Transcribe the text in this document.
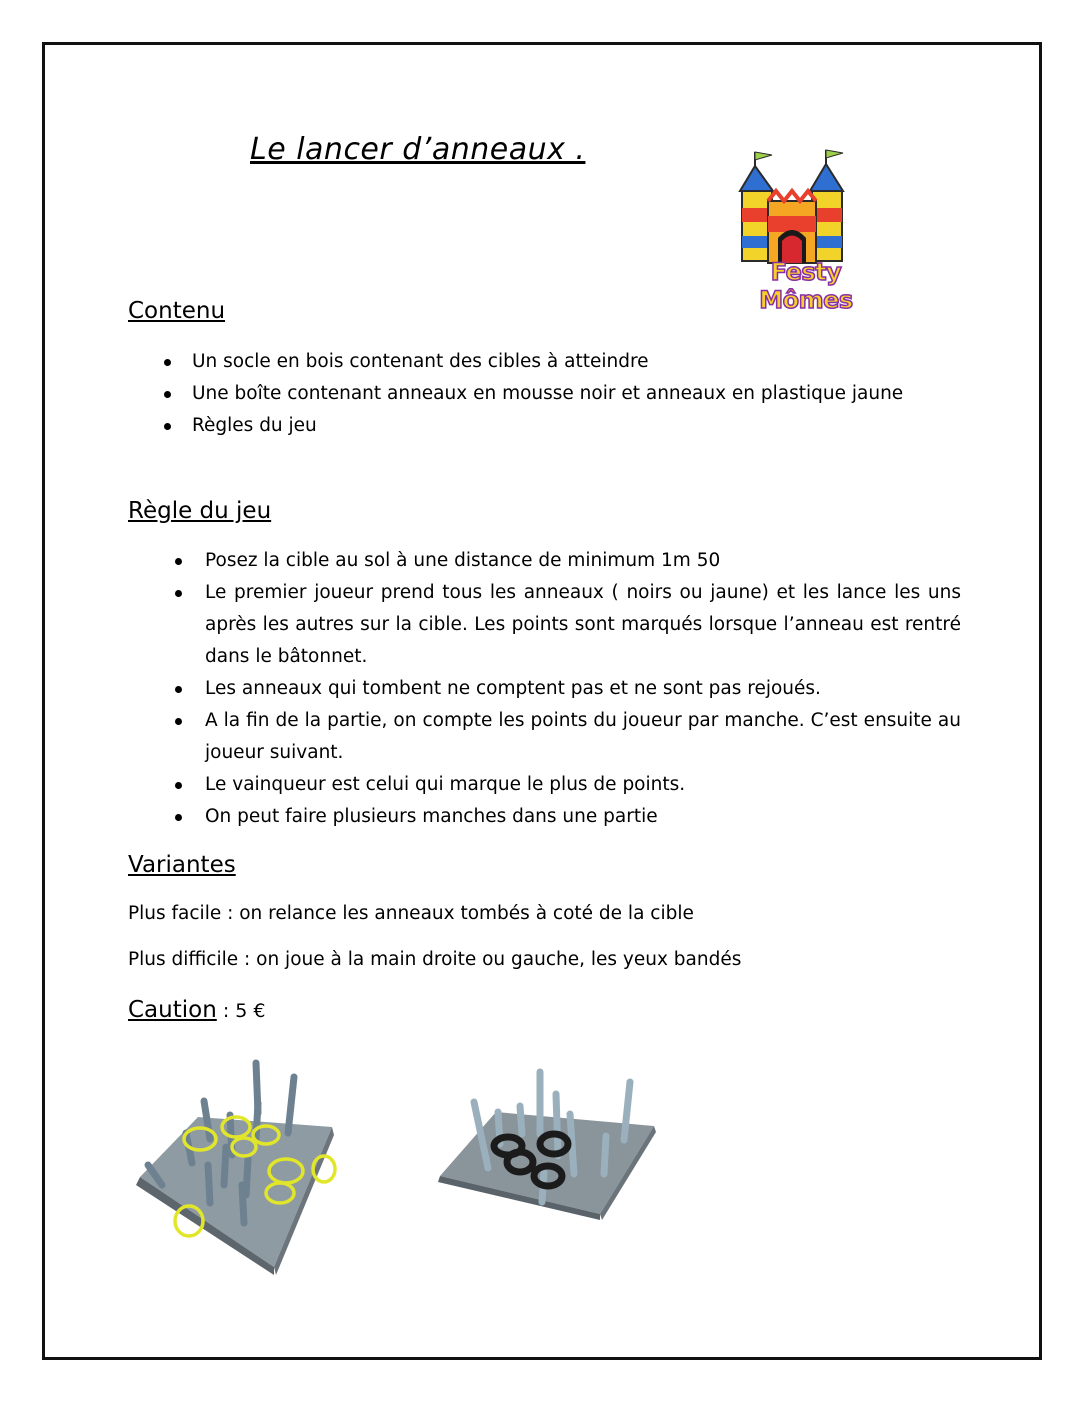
Le lancer d’anneaux .
Festy Mômes
Contenu
Un socle en bois contenant des cibles à atteindre
Une boîte contenant anneaux en mousse noir et anneaux en plastique jaune
Règles du jeu
Règle du jeu
Posez la cible au sol à une distance de minimum 1m 50
Le premier joueur prend tous les anneaux ( noirs ou jaune) et les lance les uns après les autres sur la cible. Les points sont marqués lorsque l’anneau est rentré dans le bâtonnet.
Les anneaux qui tombent ne comptent pas et ne sont pas rejoués.
A la fin de la partie, on compte les points du joueur par manche. C’est ensuite au joueur suivant.
Le vainqueur est celui qui marque le plus de points.
On peut faire plusieurs manches dans une partie
Variantes

Plus facile : on relance les anneaux tombés à coté de la cible

Plus difficile : on joue à la main droite ou gauche, les yeux bandés

Caution : 5 €
